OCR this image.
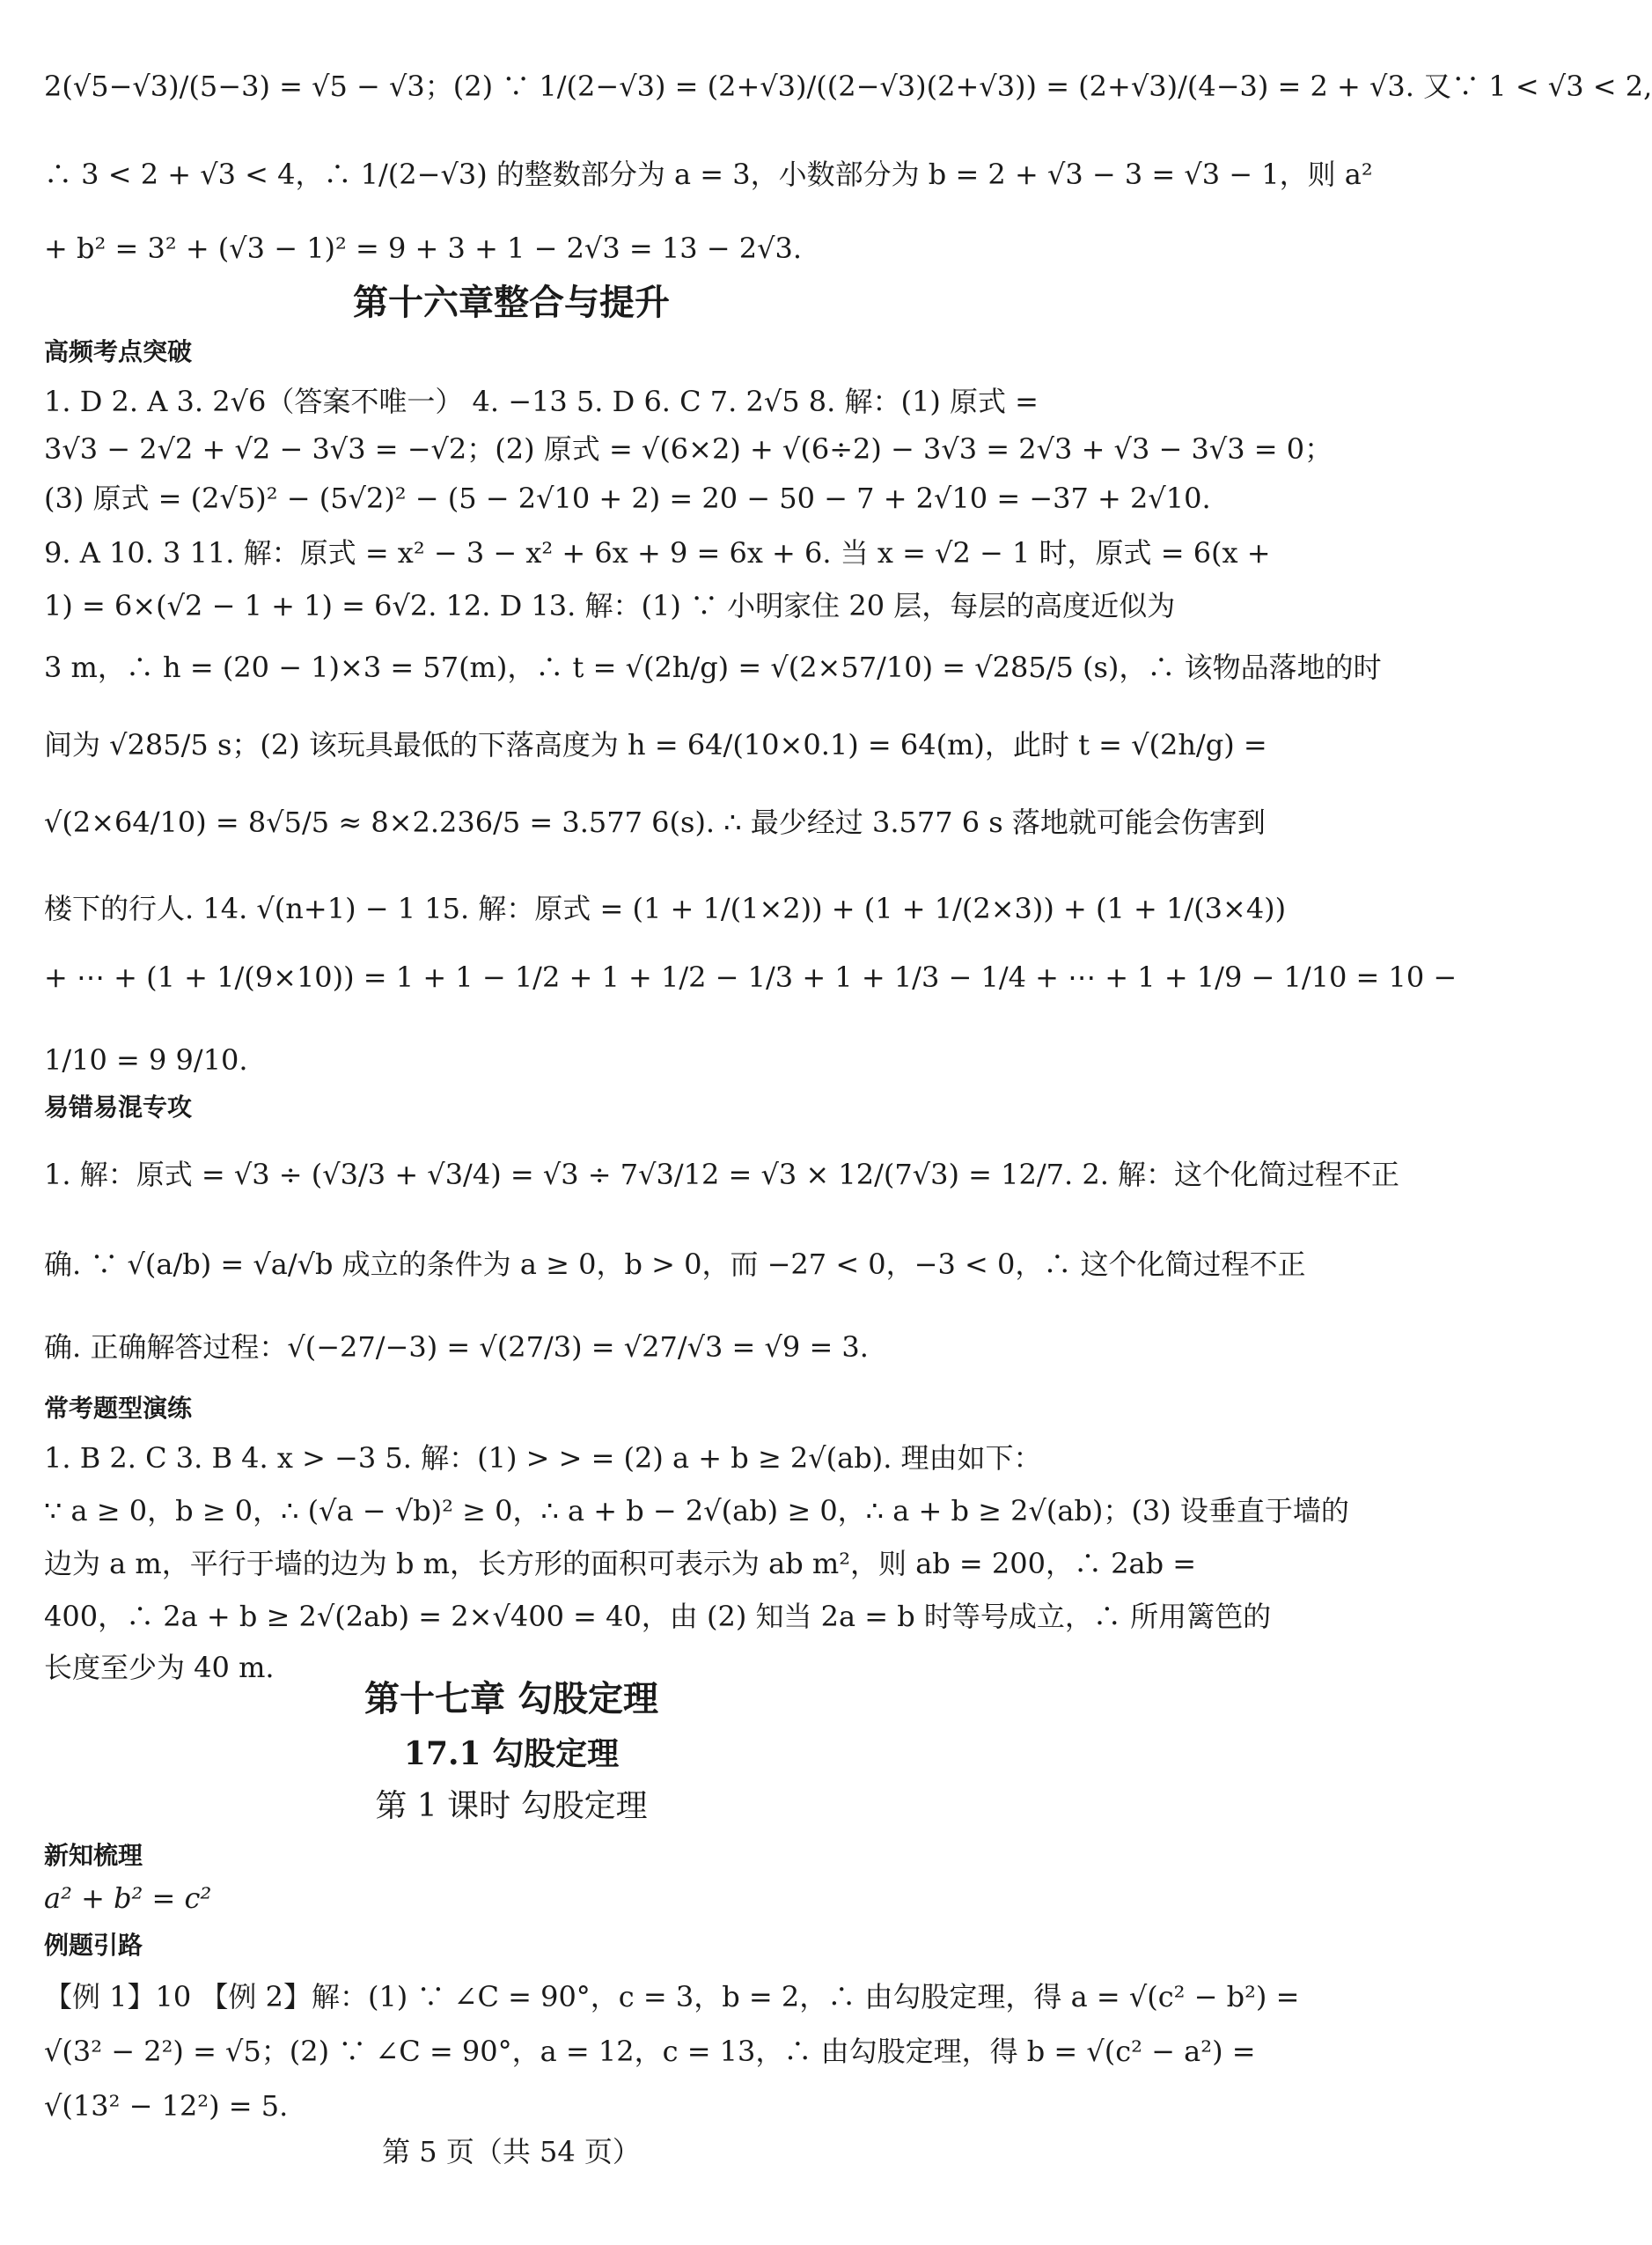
2(√5−√3)/(5−3) = √5 − √3；(2) ∵ 1/(2−√3) = (2+√3)/((2−√3)(2+√3)) = (2+√3)/(4−3) = 2 + √3. 又∵ 1 < √3 < 2,
∴ 3 < 2 + √3 < 4，∴ 1/(2−√3) 的整数部分为 a = 3，小数部分为 b = 2 + √3 − 3 = √3 − 1，则 a²
+ b² = 3² + (√3 − 1)² = 9 + 3 + 1 − 2√3 = 13 − 2√3.
第十六章整合与提升
高频考点突破
1. D 2. A 3. 2√6（答案不唯一） 4. −13 5. D 6. C 7. 2√5 8. 解：(1) 原式 =
3√3 − 2√2 + √2 − 3√3 = −√2；(2) 原式 = √(6×2) + √(6÷2) − 3√3 = 2√3 + √3 − 3√3 = 0；
(3) 原式 = (2√5)² − (5√2)² − (5 − 2√10 + 2) = 20 − 50 − 7 + 2√10 = −37 + 2√10.
9. A 10. 3 11. 解：原式 = x² − 3 − x² + 6x + 9 = 6x + 6. 当 x = √2 − 1 时，原式 = 6(x +
1) = 6×(√2 − 1 + 1) = 6√2. 12. D 13. 解：(1) ∵ 小明家住 20 层，每层的高度近似为
3 m，∴ h = (20 − 1)×3 = 57(m)，∴ t = √(2h/g) = √(2×57/10) = √285/5 (s)，∴ 该物品落地的时
间为 √285/5 s；(2) 该玩具最低的下落高度为 h = 64/(10×0.1) = 64(m)，此时 t = √(2h/g) =
√(2×64/10) = 8√5/5 ≈ 8×2.236/5 = 3.577 6(s). ∴ 最少经过 3.577 6 s 落地就可能会伤害到
楼下的行人. 14. √(n+1) − 1 15. 解：原式 = (1 + 1/(1×2)) + (1 + 1/(2×3)) + (1 + 1/(3×4))
+ ⋯ + (1 + 1/(9×10)) = 1 + 1 − 1/2 + 1 + 1/2 − 1/3 + 1 + 1/3 − 1/4 + ⋯ + 1 + 1/9 − 1/10 = 10 −
1/10 = 9 9/10.
易错易混专攻
1. 解：原式 = √3 ÷ (√3/3 + √3/4) = √3 ÷ 7√3/12 = √3 × 12/(7√3) = 12/7. 2. 解：这个化简过程不正
确. ∵ √(a/b) = √a/√b 成立的条件为 a ≥ 0，b > 0，而 −27 < 0，−3 < 0，∴ 这个化简过程不正
确. 正确解答过程：√(−27/−3) = √(27/3) = √27/√3 = √9 = 3.
常考题型演练
1. B 2. C 3. B 4. x > −3 5. 解：(1) > > = (2) a + b ≥ 2√(ab). 理由如下：
∵ a ≥ 0，b ≥ 0，∴ (√a − √b)² ≥ 0，∴ a + b − 2√(ab) ≥ 0，∴ a + b ≥ 2√(ab)；(3) 设垂直于墙的
边为 a m，平行于墙的边为 b m，长方形的面积可表示为 ab m²，则 ab = 200，∴ 2ab =
400，∴ 2a + b ≥ 2√(2ab) = 2×√400 = 40，由 (2) 知当 2a = b 时等号成立，∴ 所用篱笆的
长度至少为 40 m.
第十七章 勾股定理
17.1 勾股定理
第 1 课时 勾股定理
新知梳理
a² + b² = c²
例题引路
【例 1】10 【例 2】解：(1) ∵ ∠C = 90°，c = 3，b = 2，∴ 由勾股定理，得 a = √(c² − b²) =
√(3² − 2²) = √5；(2) ∵ ∠C = 90°，a = 12，c = 13，∴ 由勾股定理，得 b = √(c² − a²) =
√(13² − 12²) = 5.
第 5 页（共 54 页）
